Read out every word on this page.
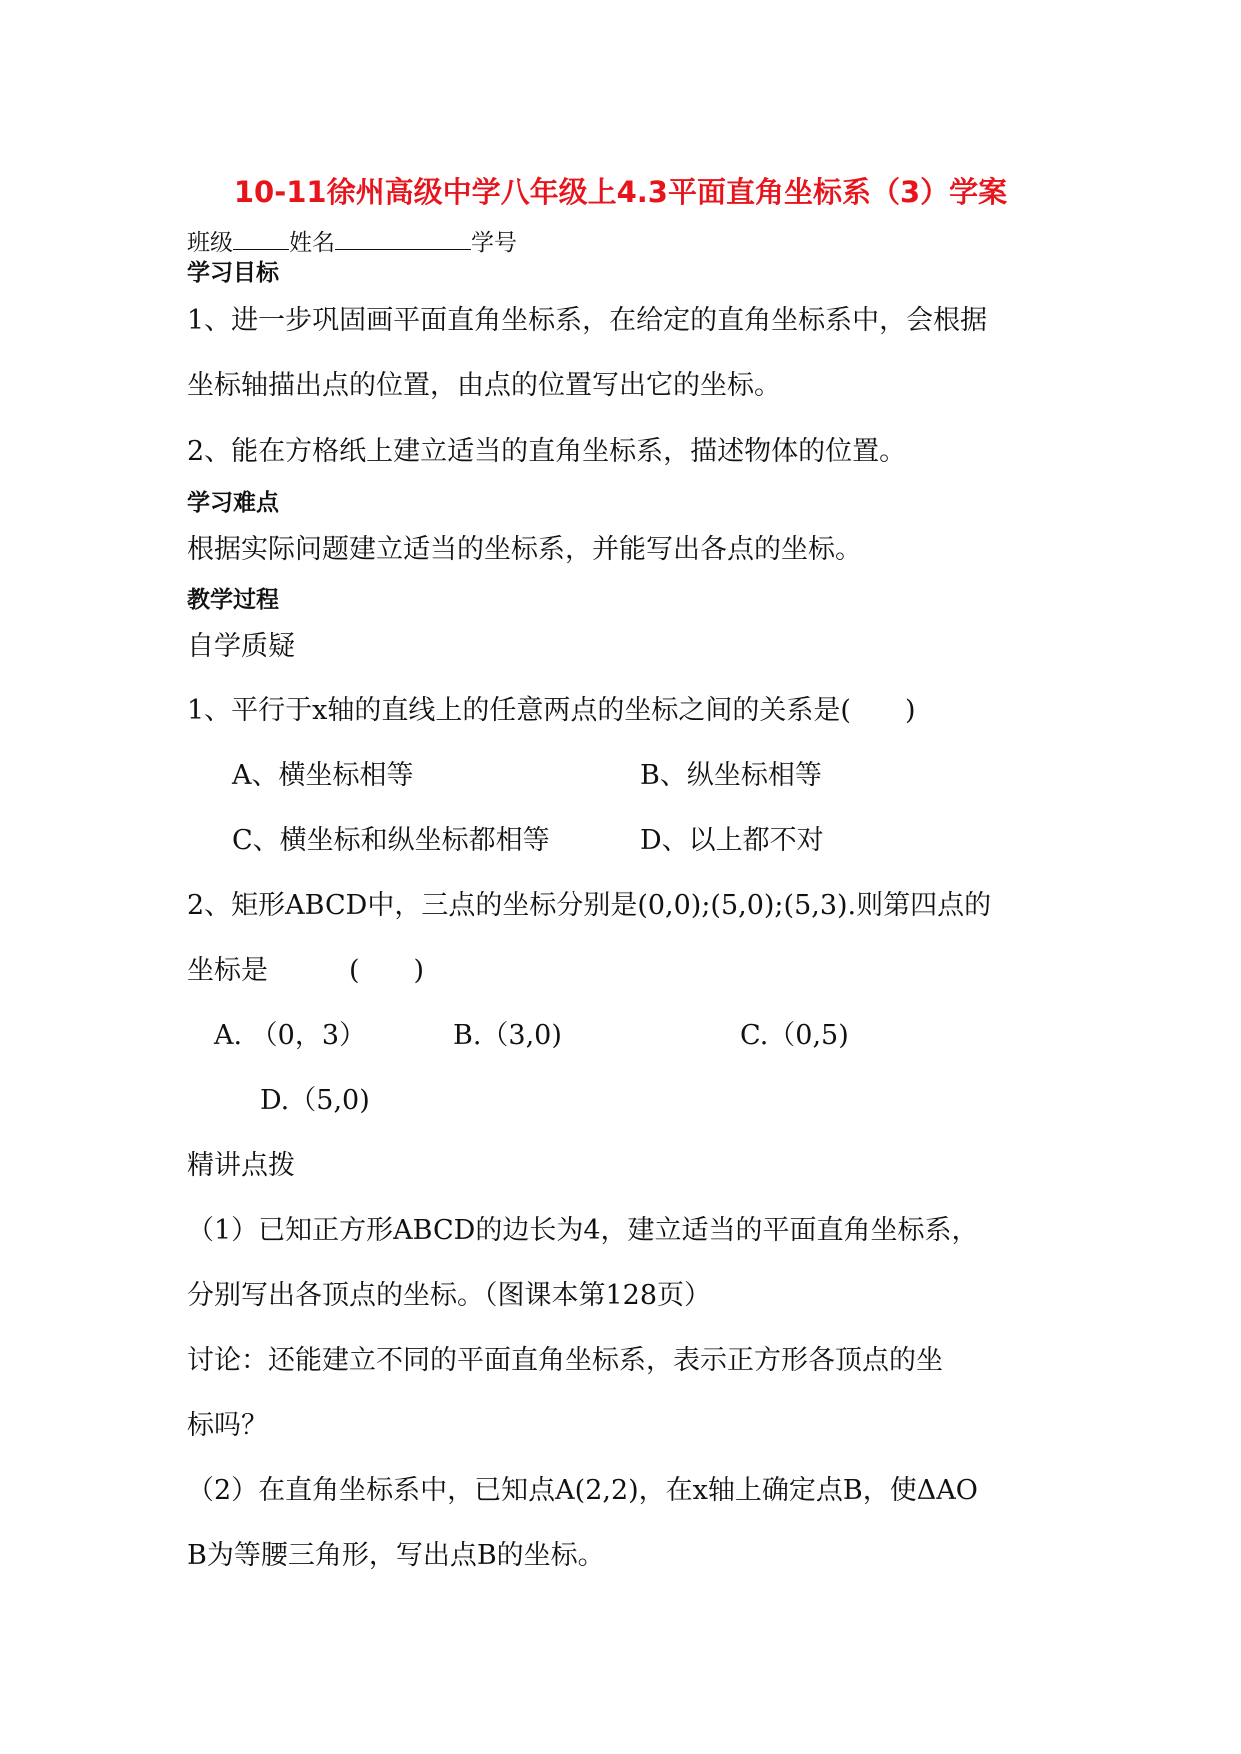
10-11徐州高级中学八年级上4.3平面直角坐标系（3）学案
班级 姓名	学号
学习目标
1、进一步巩固画平面直角坐标系，在给定的直角坐标系中，会根据
坐标轴描出点的位置，由点的位置写出它的坐标。
2、能在方格纸上建立适当的直角坐标系，描述物体的位置。
学习难点
根据实际问题建立适当的坐标系，并能写出各点的坐标。
教学过程
自学质疑
1、平行于x轴的直线上的任意两点的坐标之间的关系是(　　)
A、横坐标相等	B、纵坐标相等
C、横坐标和纵坐标都相等	D、以上都不对
2、矩形ABCD中，三点的坐标分别是(0,0);(5,0);(5,3).则第四点的
坐标是　　　(　　)
A. （0，3）	B.（3,0)	C.（0,5)
D.（5,0)
精讲点拨
（1）已知正方形ABCD的边长为4，建立适当的平面直角坐标系，
分别写出各顶点的坐标。（图课本第128页）
讨论：还能建立不同的平面直角坐标系，表示正方形各顶点的坐
标吗？
（2）在直角坐标系中，已知点A(2,2)，在x轴上确定点B，使ΔAO
B为等腰三角形，写出点B的坐标。
